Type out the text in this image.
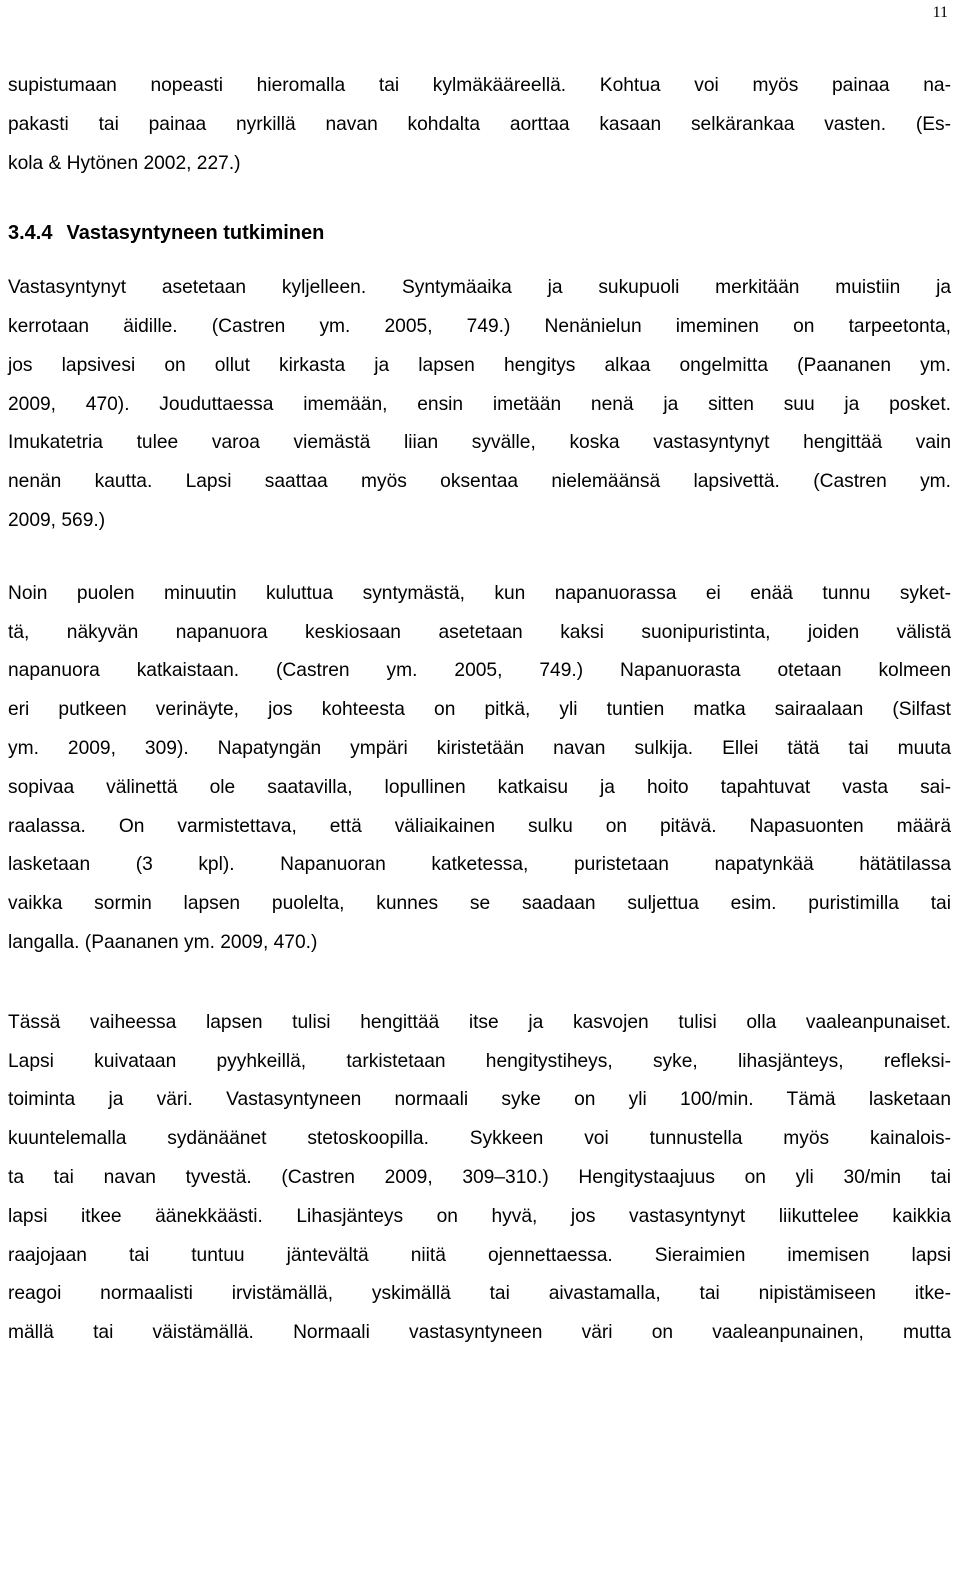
11
supistumaan nopeasti hieromalla tai kylmäkääreellä. Kohtua voi myös painaa na-
pakasti tai painaa nyrkillä navan kohdalta aorttaa kasaan selkärankaa vasten. (Es-
kola & Hytönen 2002, 227.)
3.4.4 Vastasyntyneen tutkiminen
Vastasyntynyt asetetaan kyljelleen. Syntymäaika ja sukupuoli merkitään muistiin ja
kerrotaan äidille. (Castren ym. 2005, 749.) Nenänielun imeminen on tarpeetonta,
jos lapsivesi on ollut kirkasta ja lapsen hengitys alkaa ongelmitta (Paananen ym.
2009, 470). Jouduttaessa imemään, ensin imetään nenä ja sitten suu ja posket.
Imukatetria tulee varoa viemästä liian syvälle, koska vastasyntynyt hengittää vain
nenän kautta. Lapsi saattaa myös oksentaa nielemäänsä lapsivettä. (Castren ym.
2009, 569.)
Noin puolen minuutin kuluttua syntymästä, kun napanuorassa ei enää tunnu syket-
tä, näkyvän napanuora keskiosaan asetetaan kaksi suonipuristinta, joiden välistä
napanuora katkaistaan. (Castren ym. 2005, 749.) Napanuorasta otetaan kolmeen
eri putkeen verinäyte, jos kohteesta on pitkä, yli tuntien matka sairaalaan (Silfast
ym. 2009, 309). Napatyngän ympäri kiristetään navan sulkija. Ellei tätä tai muuta
sopivaa välinettä ole saatavilla, lopullinen katkaisu ja hoito tapahtuvat vasta sai-
raalassa. On varmistettava, että väliaikainen sulku on pitävä. Napasuonten määrä
lasketaan (3 kpl). Napanuoran katketessa, puristetaan napatynkää hätätilassa
vaikka sormin lapsen puolelta, kunnes se saadaan suljettua esim. puristimilla tai
langalla. (Paananen ym. 2009, 470.)
Tässä vaiheessa lapsen tulisi hengittää itse ja kasvojen tulisi olla vaaleanpunaiset.
Lapsi kuivataan pyyhkeillä, tarkistetaan hengitystiheys, syke, lihasjänteys, refleksi-
toiminta ja väri. Vastasyntyneen normaali syke on yli 100/min. Tämä lasketaan
kuuntelemalla sydänäänet stetoskoopilla. Sykkeen voi tunnustella myös kainalois-
ta tai navan tyvestä. (Castren 2009, 309–310.) Hengitystaajuus on yli 30/min tai
lapsi itkee äänekkäästi. Lihasjänteys on hyvä, jos vastasyntynyt liikuttelee kaikkia
raajojaan tai tuntuu jäntevältä niitä ojennettaessa. Sieraimien imemisen lapsi
reagoi normaalisti irvistämällä, yskimällä tai aivastamalla, tai nipistämiseen itke-
mällä tai väistämällä. Normaali vastasyntyneen väri on vaaleanpunainen, mutta
